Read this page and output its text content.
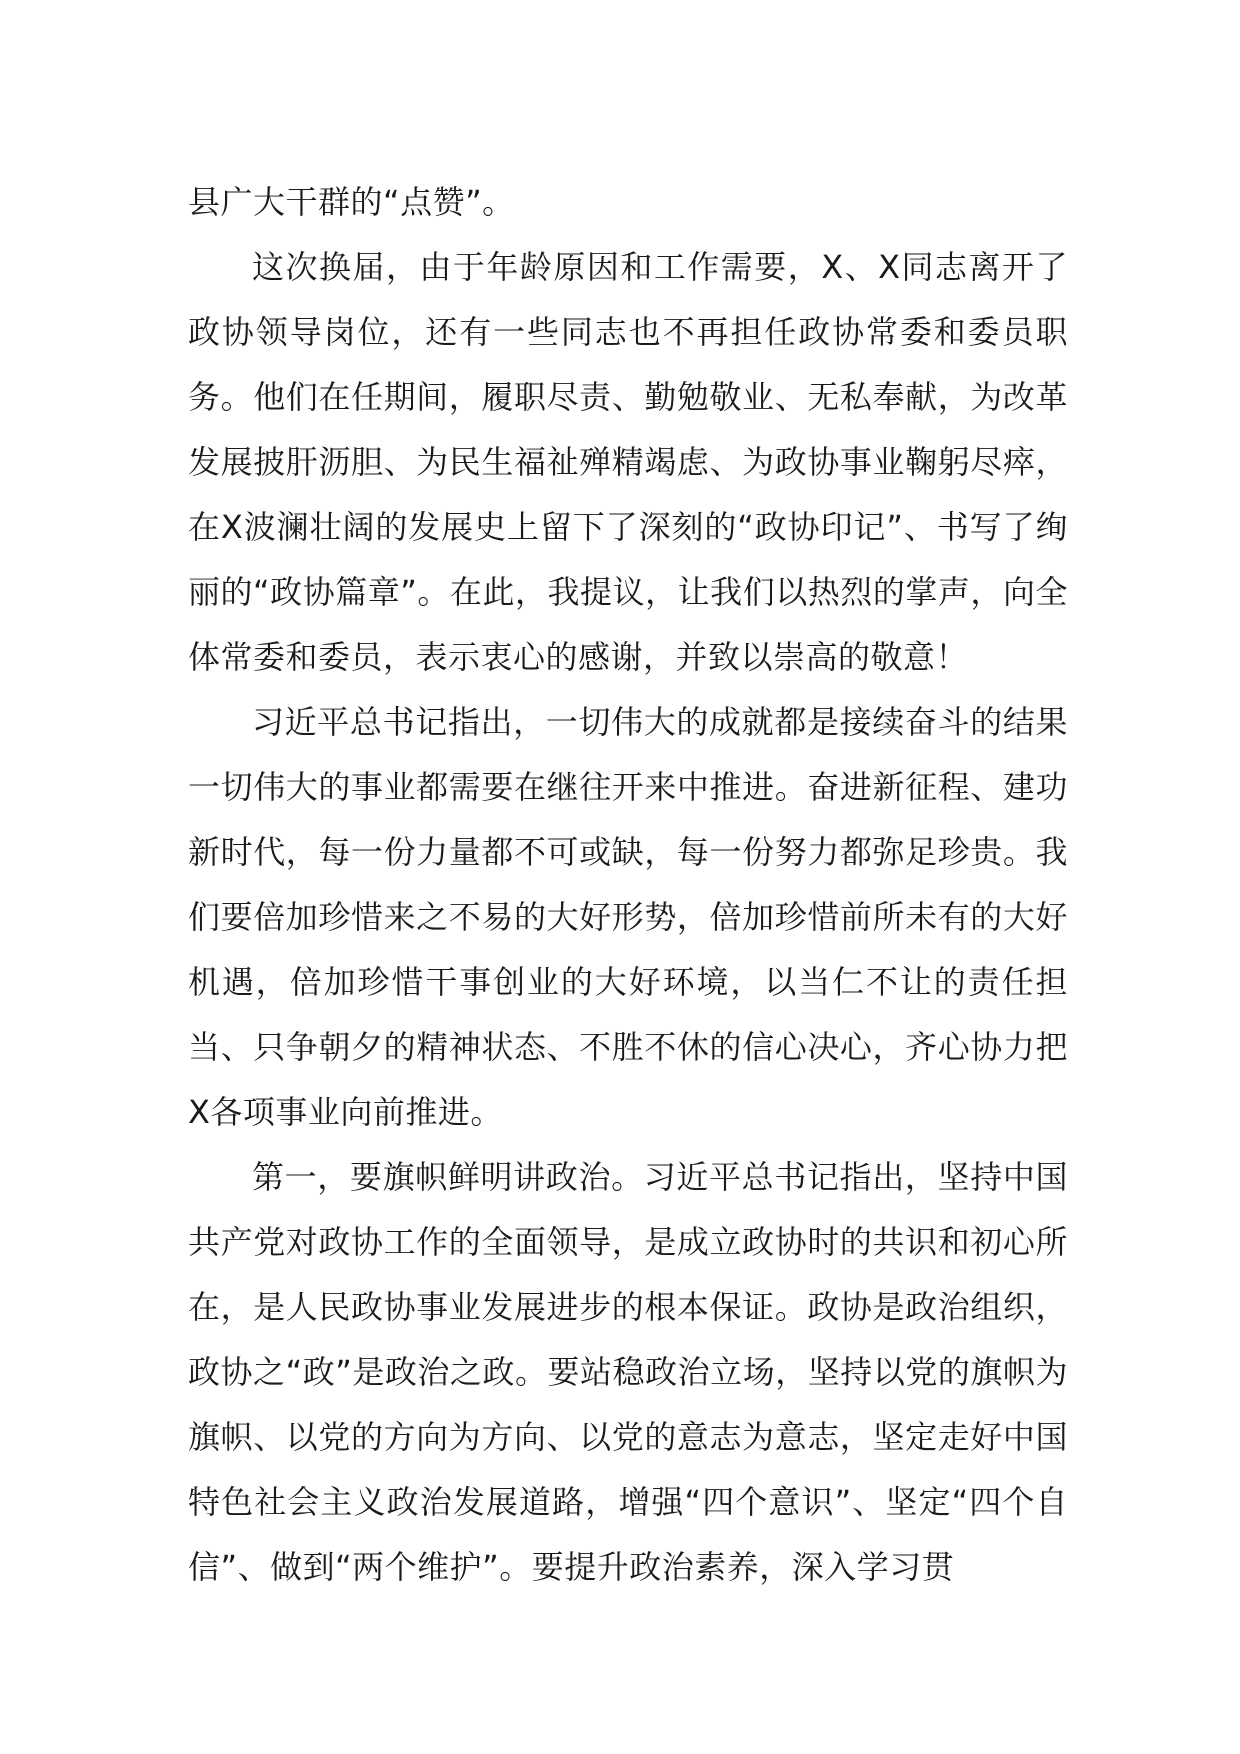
县广大干群的“点赞”。

这次换届，由于年龄原因和工作需要，X、X同志离开了政协领导岗位，还有一些同志也不再担任政协常委和委员职务。他们在任期间，履职尽责、勤勉敬业、无私奉献，为改革发展披肝沥胆、为民生福祉殚精竭虑、为政协事业鞠躬尽瘁，在X波澜壮阔的发展史上留下了深刻的“政协印记”、书写了绚丽的“政协篇章”。在此，我提议，让我们以热烈的掌声，向全体常委和委员，表示衷心的感谢，并致以崇高的敬意！

习近平总书记指出，一切伟大的成就都是接续奋斗的结果一切伟大的事业都需要在继往开来中推进。奋进新征程、建功新时代，每一份力量都不可或缺，每一份努力都弥足珍贵。我们要倍加珍惜来之不易的大好形势，倍加珍惜前所未有的大好机遇，倍加珍惜干事创业的大好环境，以当仁不让的责任担当、只争朝夕的精神状态、不胜不休的信心决心，齐心协力把X各项事业向前推进。

第一，要旗帜鲜明讲政治。习近平总书记指出，坚持中国共产党对政协工作的全面领导，是成立政协时的共识和初心所在，是人民政协事业发展进步的根本保证。政协是政治组织，政协之“政”是政治之政。要站稳政治立场，坚持以党的旗帜为旗帜、以党的方向为方向、以党的意志为意志，坚定走好中国特色社会主义政治发展道路，增强“四个意识”、坚定“四个自信”、做到“两个维护”。要提升政治素养，深入学习贯
